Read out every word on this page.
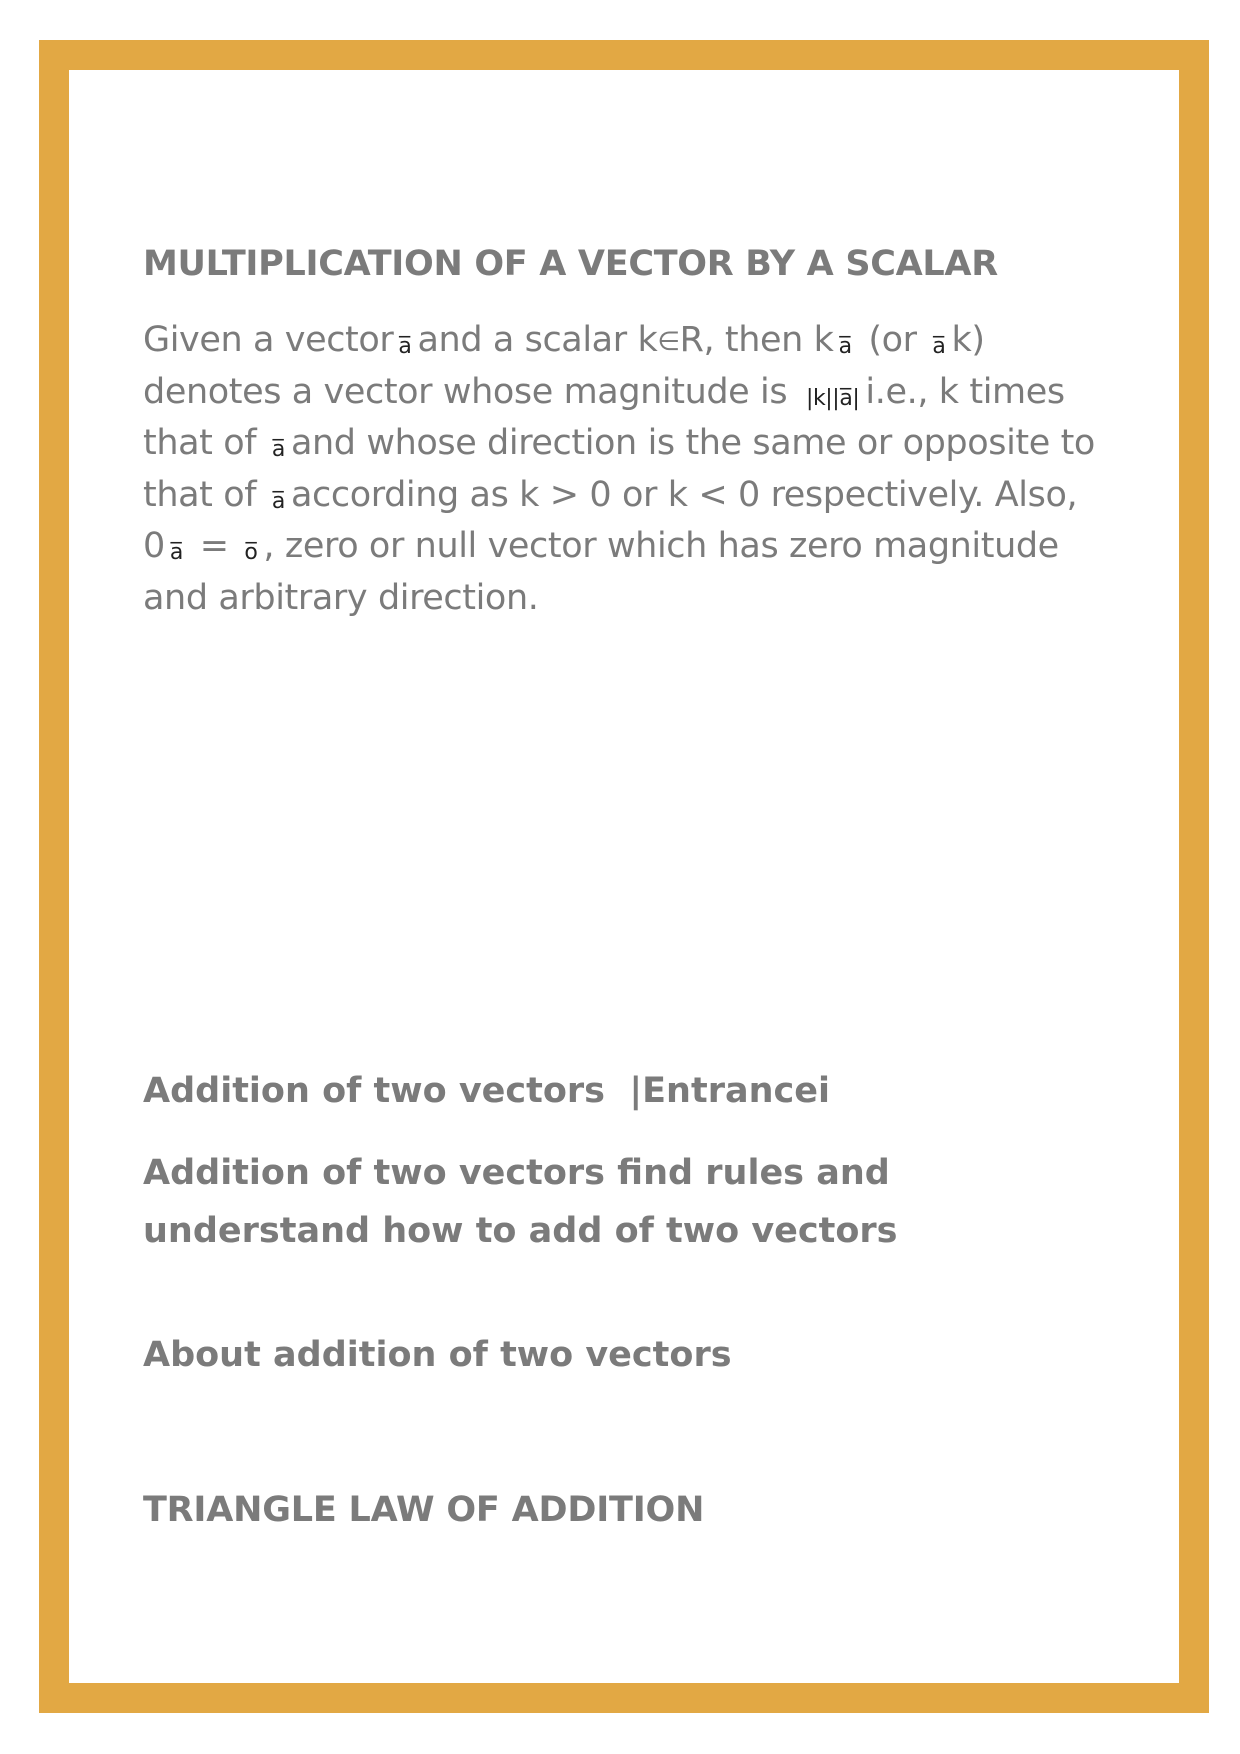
MULTIPLICATION OF A VECTOR BY A SCALAR
Given a vector a̅ and a scalar k∈R, then k a̅ (or a̅ k) denotes a vector whose magnitude is |k||a̅| i.e., k times that of a̅ and whose direction is the same or opposite to that of a̅ according as k > 0 or k < 0 respectively. Also, 0 a̅ = o̅ , zero or null vector which has zero magnitude and arbitrary direction.
Addition of two vectors  |Entrancei
Addition of two vectors find rules and understand how to add of two vectors
About addition of two vectors
TRIANGLE LAW OF ADDITION
